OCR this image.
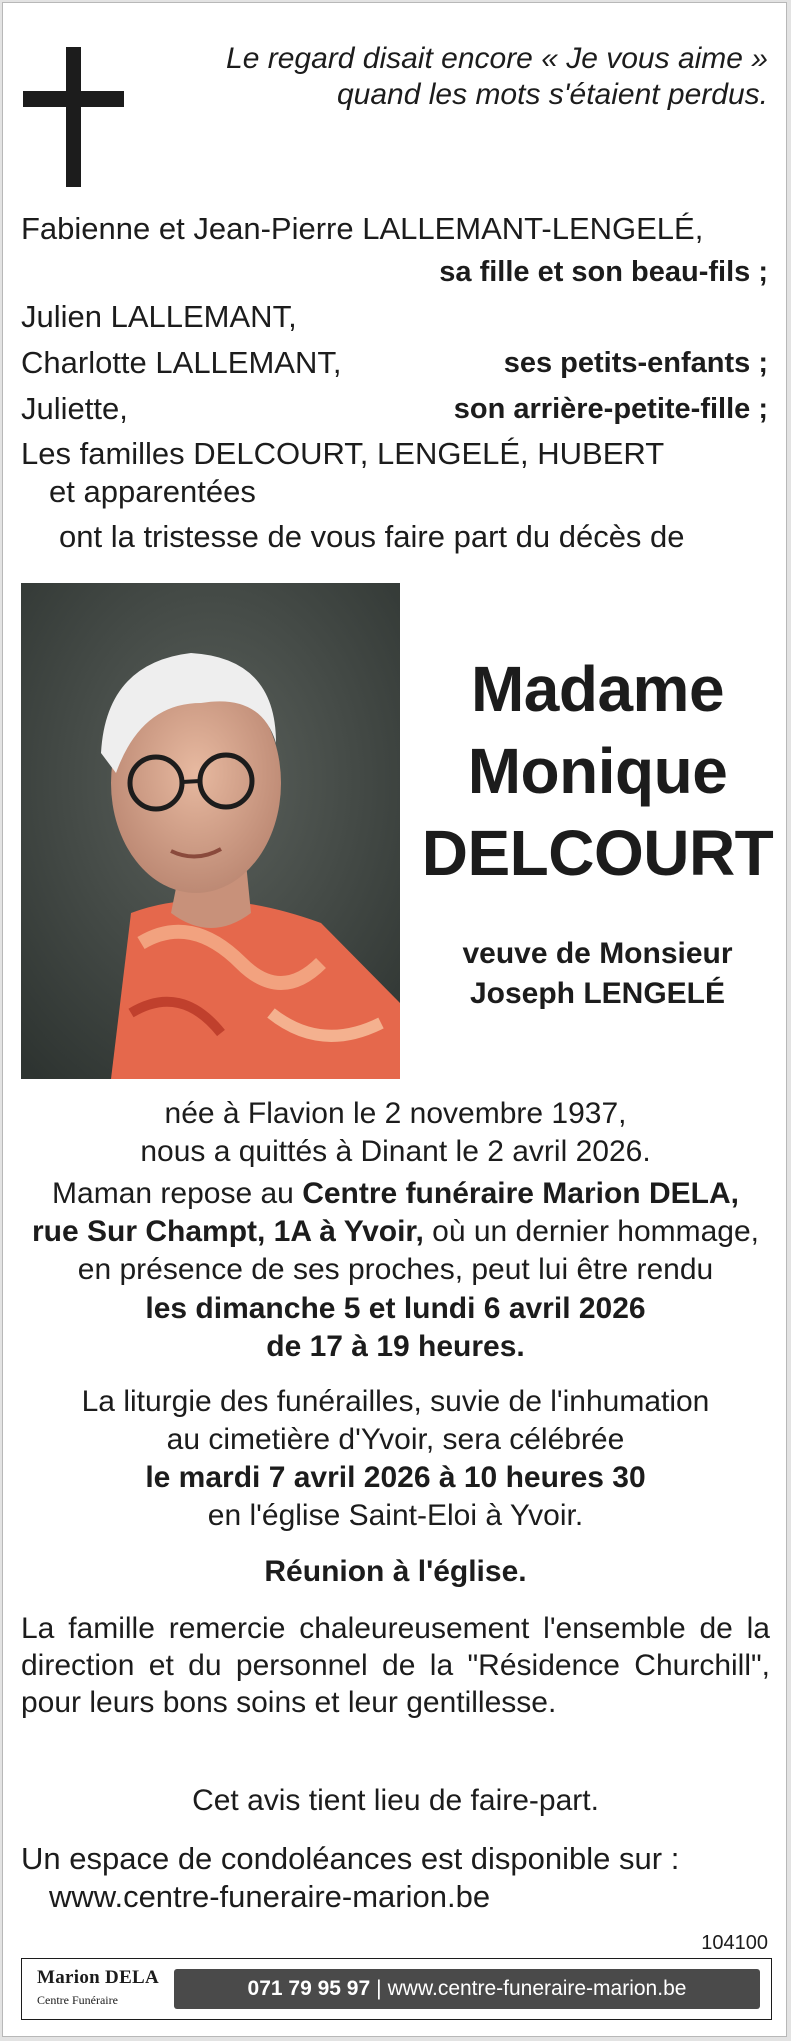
Le regard disait encore « Je vous aime »
quand les mots s'étaient perdus.
Fabienne et Jean-Pierre LALLEMANT-LENGELÉ,
sa fille et son beau-fils ;
Julien LALLEMANT,
Charlotte LALLEMANT,	ses petits-enfants ;
Juliette,	son arrière-petite-fille ;
Les familles DELCOURT, LENGELÉ, HUBERT
et apparentées
ont la tristesse de vous faire part du décès de
Madame
Monique
DELCOURT
veuve de Monsieur
Joseph LENGELÉ
née à Flavion le 2 novembre 1937,
nous a quittés à Dinant le 2 avril 2026.
Maman repose au Centre funéraire Marion DELA,
rue Sur Champt, 1A à Yvoir, où un dernier hommage,
en présence de ses proches, peut lui être rendu
les dimanche 5 et lundi 6 avril 2026
de 17 à 19 heures.
La liturgie des funérailles, suvie de l'inhumation
au cimetière d'Yvoir, sera célébrée
le mardi 7 avril 2026 à 10 heures 30
en l'église Saint-Eloi à Yvoir.
Réunion à l'église.
La famille remercie chaleureusement l'ensemble de la direction et du personnel de la "Résidence Churchill", pour leurs bons soins et leur gentillesse.
Cet avis tient lieu de faire-part.
Un espace de condoléances est disponible sur :
www.centre-funeraire-marion.be
104100
Marion DELA
Centre Funéraire	071 79 95 97 | www.centre-funeraire-marion.be
